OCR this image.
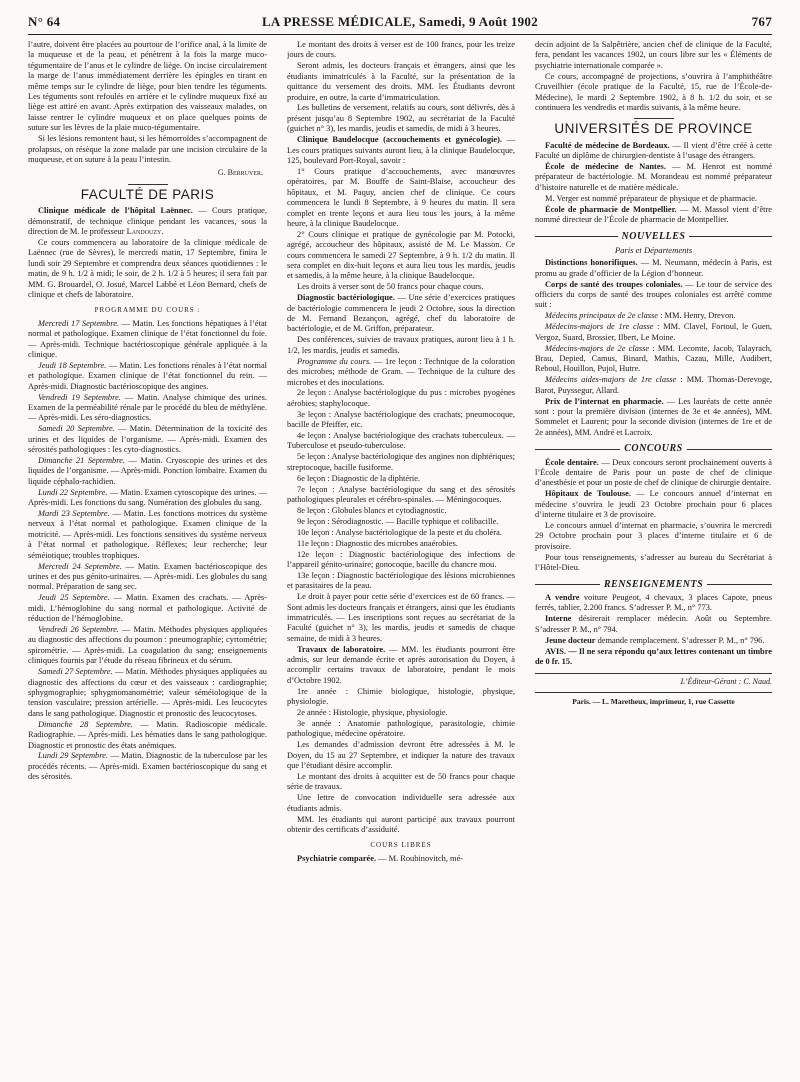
N° 64	LA PRESSE MÉDICALE, Samedi, 9 Août 1902	767

l’autre, doivent être placées au pourtour de l’orifice anal, à la limite de la muqueuse et de la peau, et pénètrent à la fois la marge muco-tégumentaire de l’anus et le cylindre de liège. On incise circulairement la marge de l’anus immédiatement derrière les épingles en tirant en même temps sur le cylindre de liège, pour bien tendre les téguments. Les téguments sont refoulés en arrière et le cylindre muqueux fixé au liège est attiré en avant. Après extirpation des vaisseaux malades, on laisse rentrer le cylindre muqueux et on place quelques points de suture sur les lèvres de la plaie muco-tégumentaire.

Si les lésions remontent haut, si les hémorroïdes s’accompagnent de prolapsus, on résèque la zone malade par une incision circulaire de la muqueuse, et on suture à la peau l’intestin.

G. Berruyer.

FACULTÉ DE PARIS

Clinique médicale de l’hôpital Laënnec. — Cours pratique, démonstratif, de technique clinique pendant les vacances, sous la direction de M. le professeur Landouzy.

Ce cours commencera au laboratoire de la clinique médicale de Laënnec (rue de Sèvres), le mercredi matin, 17 Septembre, finira le lundi soir 29 Septembre et comprendra deux séances quotidiennes : le matin, de 9 h. 1/2 à midi; le soir, de 2 h. 1/2 à 5 heures; il sera fait par MM. G. Brouardel, O. Josué, Marcel Labbé et Léon Bernard, chefs de clinique et chefs de laboratoire.

PROGRAMME DU COURS :

Mercredi 17 Septembre. — Matin. Les fonctions hépatiques à l’état normal et pathologique. Examen clinique de l’état fonctionnel du foie. — Après-midi. Technique bactérioscopique générale appliquée à la clinique.

Jeudi 18 Septembre. — Matin. Les fonctions rénales à l’état normal et pathologique. Examen clinique de l’état fonctionnel du rein. — Après-midi. Diagnostic bactérioscopique des angines.

Vendredi 19 Septembre. — Matin. Analyse chimique des urines. Examen de la perméabilité rénale par le procédé du bleu de méthylène. — Après-midi. Les séro-diagnostics.

Samedi 20 Septembre. — Matin. Détermination de la toxicité des urines et des liquides de l’organisme. — Après-midi. Examen des sérosités pathologiques : les cyto-diagnostics.

Dimanche 21 Septembre. — Matin. Cryoscopie des urines et des liquides de l’organisme. — Après-midi. Ponction lombaire. Examen du liquide céphalo-rachidien.

Lundi 22 Septembre. — Matin. Examen cytoscopique des urines. — Après-midi. Les fonctions du sang. Numération des globules du sang.

Mardi 23 Septembre. — Matin. Les fonctions motrices du système nerveux à l’état normal et pathologique. Examen clinique de la motricité. — Après-midi. Les fonctions sensitives du système nerveux à l’état normal et pathologique. Réflexes; leur recherche; leur séméiotique; troubles trophiques.

Mercredi 24 Septembre. — Matin. Examen bactérioscopique des urines et des pus génito-urinaires. — Après-midi. Les globules du sang normal. Préparation de sang sec.

Jeudi 25 Septembre. — Matin. Examen des crachats. — Après-midi. L’hémoglobine du sang normal et pathologique. Activité de réduction de l’hémoglobine.

Vendredi 26 Septembre. — Matin. Méthodes physiques appliquées au diagnostic des affections du poumon : pneumographie; cyrtométrie; spirométrie. — Après-midi. La coagulation du sang; enseignements cliniques fournis par l’étude du réseau fibrineux et du sérum.

Samedi 27 Septembre. — Matin. Méthodes physiques appliquées au diagnostic des affections du cœur et des vaisseaux : cardiographie; sphygmographie; sphygmomanométrie; valeur séméiologique de la tension vasculaire; pression artérielle. — Après-midi. Les leucocytes dans le sang pathologique. Diagnostic et pronostic des leucocytoses.

Dimanche 28 Septembre. — Matin. Radioscopie médicale. Radiographie. — Après-midi. Les hématies dans le sang pathologique. Diagnostic et pronostic des états anémiques.

Lundi 29 Septembre. — Matin. Diagnostic de la tuberculose par les procédés récents. — Après-midi. Examen bactérioscopique du sang et des sérosités.

Le montant des droits à verser est de 100 francs, pour les treize jours de cours.

Seront admis, les docteurs français et étrangers, ainsi que les étudiants immatriculés à la Faculté, sur la présentation de la quittance du versement des droits. MM. les Étudiants devront produire, en outre, la carte d’immatriculation.

Les bulletins de versement, relatifs au cours, sont délivrés, dès à présent jusqu’au 8 Septembre 1902, au secrétariat de la Faculté (guichet n° 3), les mardis, jeudis et samedis, de midi à 3 heures.

Clinique Baudelocque (accouchements et gynécologie). — Les cours pratiques suivants auront lieu, à la clinique Baudelocque, 125, boulevard Port-Royal, savoir :

1° Cours pratique d’accouchements, avec manœuvres opératoires, par M. Bouffe de Saint-Blaise, accoucheur des hôpitaux, et M. Paquy, ancien chef de clinique. Ce cours commencera le lundi 8 Septembre, à 9 heures du matin. Il sera complet en trente leçons et aura lieu tous les jours, à la même heure, à la clinique Baudelocque.

2° Cours clinique et pratique de gynécologie par M. Potocki, agrégé, accoucheur des hôpitaux, assisté de M. Le Masson. Ce cours commencera le samedi 27 Septembre, à 9 h. 1/2 du matin. Il sera complet en dix-huit leçons et aura lieu tous les mardis, jeudis et samedis, à la même heure, à la clinique Baudelocque.

Les droits à verser sont de 50 francs pour chaque cours.

Diagnostic bactériologique. — Une série d’exercices pratiques de bactériologie commencera le jeudi 2 Octobre, sous la direction de M. Fernand Bezançon, agrégé, chef du laboratoire de bactériologie, et de M. Griffon, préparateur.

Des conférences, suivies de travaux pratiques, auront lieu à 1 h. 1/2, les mardis, jeudis et samedis.

Programme du cours. — 1re leçon : Technique de la coloration des microbes; méthode de Gram. — Technique de la culture des microbes et des inoculations.

2e leçon : Analyse bactériologique du pus : microbes pyogènes aérobies; staphylocoque.

3e leçon : Analyse bactériologique des crachats; pneumocoque, bacille de Pfeiffer, etc.

4e leçon : Analyse bactériologique des crachats tuberculeux. — Tuberculose et pseudo-tuberculose.

5e leçon : Analyse bactériologique des angines non diphtériques; streptocoque, bacille fusiforme.

6e leçon : Diagnostic de la diphtérie.

7e leçon : Analyse bactériologique du sang et des sérosités pathologiques pleurales et cérébro-spinales. — Méningocoques.

8e leçon : Globules blancs et cytodiagnostic.

9e leçon : Sérodiagnostic. — Bacille typhique et colibacille.

10e leçon : Analyse bactériologique de la peste et du choléra.

11e leçon : Diagnostic des microbes anaérobies.

12e leçon : Diagnostic bactériologique des infections de l’appareil génito-urinaire; gonocoque, bacille du chancre mou.

13e leçon : Diagnostic bactériologique des lésions microbiennes et parasitaires de la peau.

Le droit à payer pour cette série d’exercices est de 60 francs. — Sont admis les docteurs français et étrangers, ainsi que les étudiants immatriculés. — Les inscriptions sont reçues au secrétariat de la Faculté (guichet n° 3), les mardis, jeudis et samedis de chaque semaine, de midi à 3 heures.

Travaux de laboratoire. — MM. les étudiants pourront être admis, sur leur demande écrite et après autorisation du Doyen, à accomplir certains travaux de laboratoire, pendant le mois d’Octobre 1902.

1re année : Chimie biologique, histologie, physique, physiologie.

2e année : Histologie, physique, physiologie.

3e année : Anatomie pathologique, parasitologie, chimie pathologique, médecine opératoire.

Les demandes d’admission devront être adressées à M. le Doyen, du 15 au 27 Septembre, et indiquer la nature des travaux que l’étudiant désire accomplir.

Le montant des droits à acquitter est de 50 francs pour chaque série de travaux.

Une lettre de convocation individuelle sera adressée aux étudiants admis.

MM. les étudiants qui auront participé aux travaux pourront obtenir des certificats d’assiduité.

COURS LIBRES

Psychiatrie comparée. — M. Roubinovitch, mé-

decin adjoint de la Salpêtrière, ancien chef de clinique de la Faculté, fera, pendant les vacances 1902, un cours libre sur les « Éléments de psychiatrie internationale comparée ».

Ce cours, accompagné de projections, s’ouvrira à l’amphithéâtre Cruveilhier (école pratique de la Faculté, 15, rue de l’École-de-Médecine), le mardi 2 Septembre 1902, à 8 h. 1/2 du soir, et se continuera les vendredis et mardis suivants, à la même heure.

UNIVERSITÉS DE PROVINCE

Faculté de médecine de Bordeaux. — Il vient d’être créé à cette Faculté un diplôme de chirurgien-dentiste à l’usage des étrangers.

École de médecine de Nantes. — M. Henrot est nommé préparateur de bactériologie. M. Morandeau est nommé préparateur d’histoire naturelle et de matière médicale.

M. Verger est nommé préparateur de physique et de pharmacie.

École de pharmacie de Montpellier. — M. Massol vient d’être nommé directeur de l’École de pharmacie de Montpellier.

NOUVELLES
Paris et Départements

Distinctions honorifiques. — M. Neumann, médecin à Paris, est promu au grade d’officier de la Légion d’honneur.

Corps de santé des troupes coloniales. — Le tour de service des officiers du corps de santé des troupes coloniales est arrêté comme suit :

Médecins principaux de 2e classe : MM. Henry, Drevon.

Médecins-majors de 1re classe : MM. Clavel, Fortoul, le Guen, Vergoz, Suard, Brossier, Ilbert, Le Moine.

Médecins-majors de 2e classe : MM. Lecomte, Jacob, Talayrach, Brau, Depied, Camus, Binard, Mathis, Cazau, Mille, Audibert, Reboul, Houillon, Pujol, Hutre.

Médecins aides-majors de 1re classe : MM. Thomas-Derevoge, Barot, Puyssegur, Allard.

Prix de l’internat en pharmacie. — Les lauréats de cette année sont : pour la première division (internes de 3e et 4e années), MM. Sommelet et Laurent; pour la seconde division (internes de 1re et de 2e années), MM. André et Lacroix.

CONCOURS

École dentaire. — Deux concours seront prochainement ouverts à l’École dentaire de Paris pour un poste de chef de clinique d’anesthésie et pour un poste de chef de clinique de chirurgie dentaire.

Hôpitaux de Toulouse. — Le concours annuel d’internat en médecine s’ouvrira le jeudi 23 Octobre prochain pour 6 places d’interne titulaire et 3 de provisoire.

Le concours annuel d’internat en pharmacie, s’ouvrira le mercredi 29 Octobre prochain pour 3 places d’interne titulaire et 6 de provisoire.

Pour tous renseignements, s’adresser au bureau du Secrétariat à l’Hôtel-Dieu.

RENSEIGNEMENTS

A vendre voiture Peugeot, 4 chevaux, 3 places Capote, pneus ferrés, tablier, 2.200 francs. S’adresser P. M., n° 773.

Interne désirerait remplacer médecin. Août ou Septembre. S’adresser P. M., n° 794.

Jeune docteur demande remplacement. S’adresser P. M., n° 796.

AVIS. — Il ne sera répondu qu’aux lettres contenant un timbre de 0 fr. 15.

L’Éditeur-Gérant : C. Naud.
Paris. — L. Maretheux, imprimeur, 1, rue Cassette
